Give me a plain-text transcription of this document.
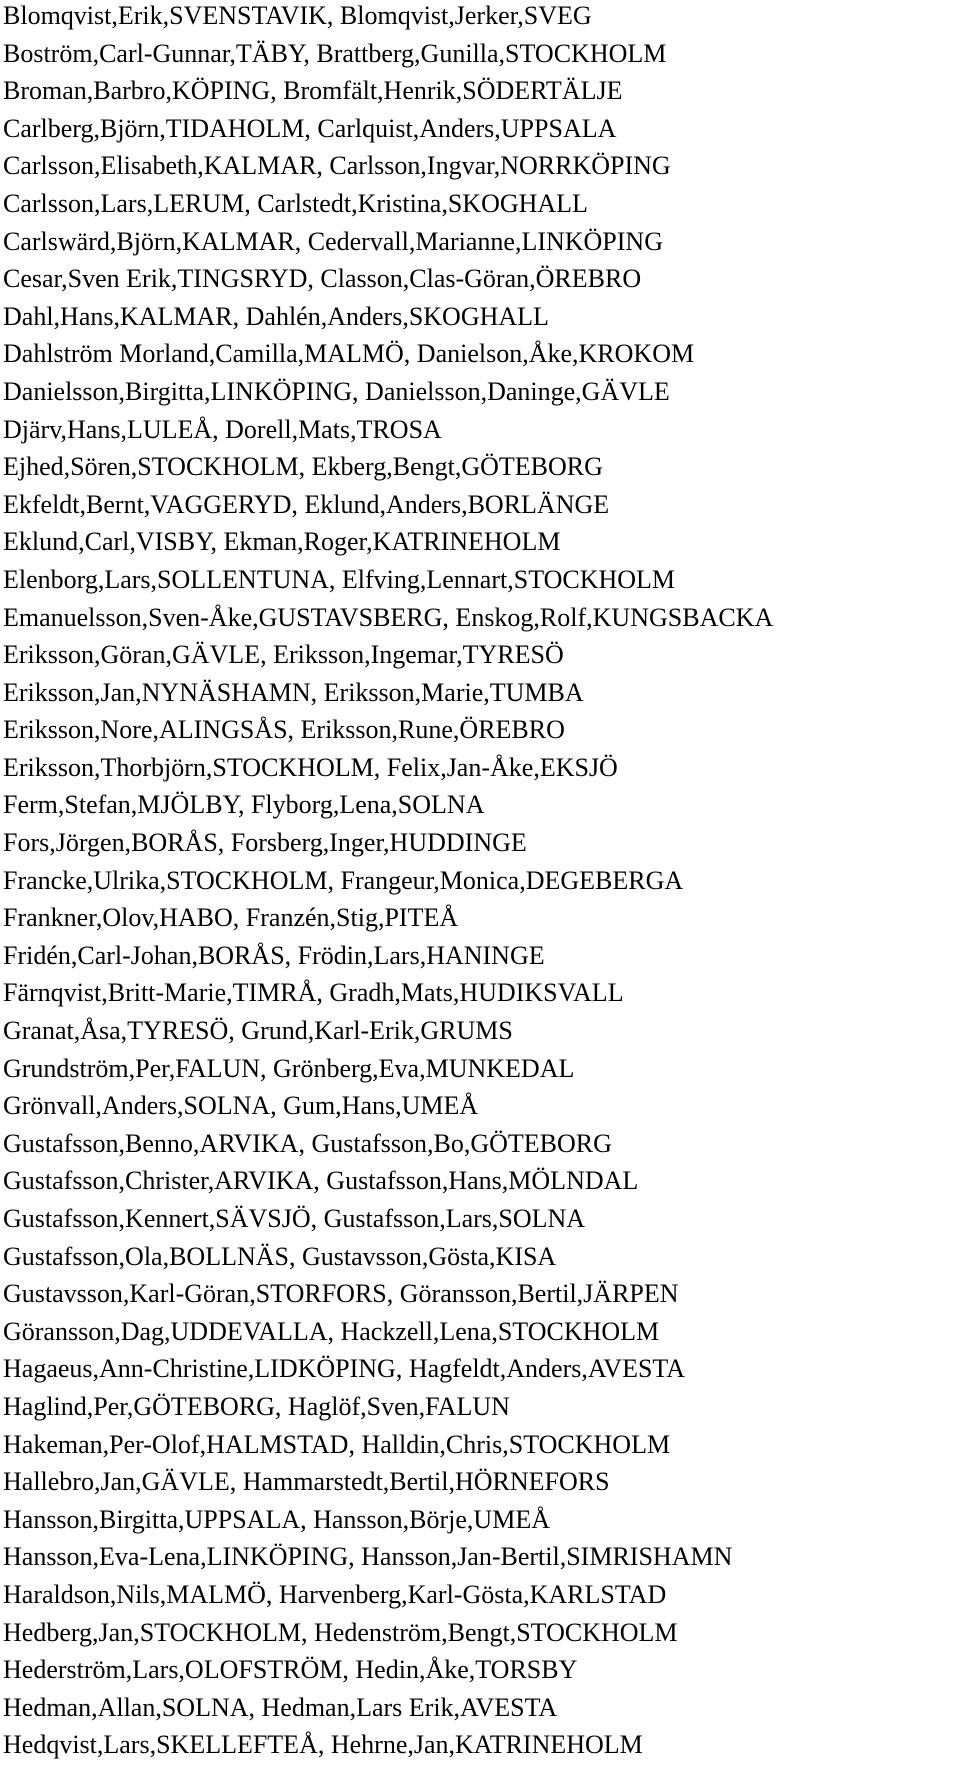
Blomqvist,Erik,SVENSTAVIK, Blomqvist,Jerker,SVEG
Boström,Carl-Gunnar,TÄBY, Brattberg,Gunilla,STOCKHOLM
Broman,Barbro,KÖPING, Bromfält,Henrik,SÖDERTÄLJE
Carlberg,Björn,TIDAHOLM, Carlquist,Anders,UPPSALA
Carlsson,Elisabeth,KALMAR, Carlsson,Ingvar,NORRKÖPING
Carlsson,Lars,LERUM, Carlstedt,Kristina,SKOGHALL
Carlswärd,Björn,KALMAR, Cedervall,Marianne,LINKÖPING
Cesar,Sven Erik,TINGSRYD, Classon,Clas-Göran,ÖREBRO
Dahl,Hans,KALMAR, Dahlén,Anders,SKOGHALL
Dahlström Morland,Camilla,MALMÖ, Danielson,Åke,KROKOM
Danielsson,Birgitta,LINKÖPING, Danielsson,Daninge,GÄVLE
Djärv,Hans,LULEÅ, Dorell,Mats,TROSA
Ejhed,Sören,STOCKHOLM, Ekberg,Bengt,GÖTEBORG
Ekfeldt,Bernt,VAGGERYD, Eklund,Anders,BORLÄNGE
Eklund,Carl,VISBY, Ekman,Roger,KATRINEHOLM
Elenborg,Lars,SOLLENTUNA, Elfving,Lennart,STOCKHOLM
Emanuelsson,Sven-Åke,GUSTAVSBERG, Enskog,Rolf,KUNGSBACKA
Eriksson,Göran,GÄVLE, Eriksson,Ingemar,TYRESÖ
Eriksson,Jan,NYNÄSHAMN, Eriksson,Marie,TUMBA
Eriksson,Nore,ALINGSÅS, Eriksson,Rune,ÖREBRO
Eriksson,Thorbjörn,STOCKHOLM, Felix,Jan-Åke,EKSJÖ
Ferm,Stefan,MJÖLBY, Flyborg,Lena,SOLNA
Fors,Jörgen,BORÅS, Forsberg,Inger,HUDDINGE
Francke,Ulrika,STOCKHOLM, Frangeur,Monica,DEGEBERGA
Frankner,Olov,HABO, Franzén,Stig,PITEÅ
Fridén,Carl-Johan,BORÅS, Frödin,Lars,HANINGE
Färnqvist,Britt-Marie,TIMRÅ, Gradh,Mats,HUDIKSVALL
Granat,Åsa,TYRESÖ, Grund,Karl-Erik,GRUMS
Grundström,Per,FALUN, Grönberg,Eva,MUNKEDAL
Grönvall,Anders,SOLNA, Gum,Hans,UMEÅ
Gustafsson,Benno,ARVIKA, Gustafsson,Bo,GÖTEBORG
Gustafsson,Christer,ARVIKA, Gustafsson,Hans,MÖLNDAL
Gustafsson,Kennert,SÄVSJÖ, Gustafsson,Lars,SOLNA
Gustafsson,Ola,BOLLNÄS, Gustavsson,Gösta,KISA
Gustavsson,Karl-Göran,STORFORS, Göransson,Bertil,JÄRPEN
Göransson,Dag,UDDEVALLA, Hackzell,Lena,STOCKHOLM
Hagaeus,Ann-Christine,LIDKÖPING, Hagfeldt,Anders,AVESTA
Haglind,Per,GÖTEBORG, Haglöf,Sven,FALUN
Hakeman,Per-Olof,HALMSTAD, Halldin,Chris,STOCKHOLM
Hallebro,Jan,GÄVLE, Hammarstedt,Bertil,HÖRNEFORS
Hansson,Birgitta,UPPSALA, Hansson,Börje,UMEÅ
Hansson,Eva-Lena,LINKÖPING, Hansson,Jan-Bertil,SIMRISHAMN
Haraldson,Nils,MALMÖ, Harvenberg,Karl-Gösta,KARLSTAD
Hedberg,Jan,STOCKHOLM, Hedenström,Bengt,STOCKHOLM
Hederström,Lars,OLOFSTRÖM, Hedin,Åke,TORSBY
Hedman,Allan,SOLNA, Hedman,Lars Erik,AVESTA
Hedqvist,Lars,SKELLEFTEÅ, Hehrne,Jan,KATRINEHOLM
